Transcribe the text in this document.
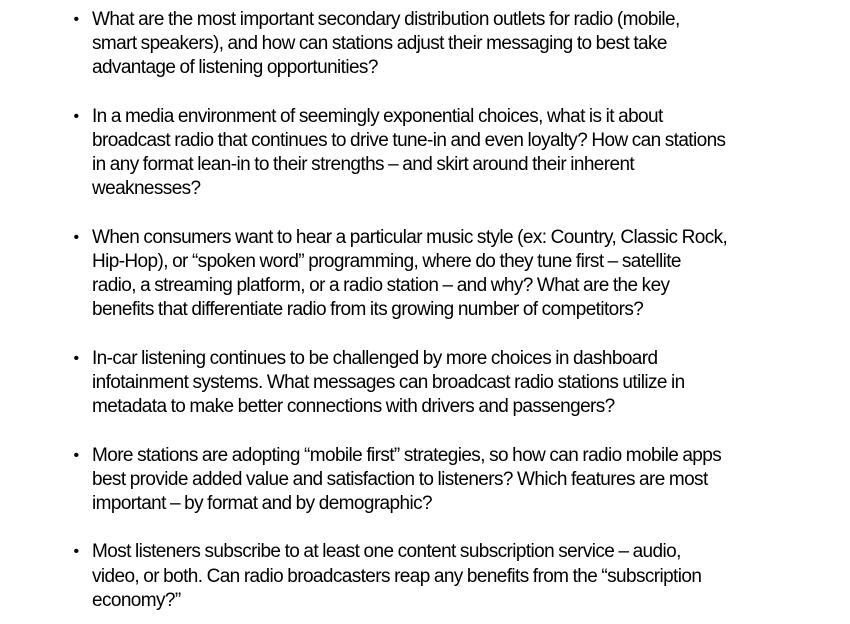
• What are the most important secondary distribution outlets for radio (mobile,
smart speakers), and how can stations adjust their messaging to best take
advantage of listening opportunities?
• In a media environment of seemingly exponential choices, what is it about
broadcast radio that continues to drive tune-in and even loyalty? How can stations
in any format lean-in to their strengths – and skirt around their inherent
weaknesses?
• When consumers want to hear a particular music style (ex: Country, Classic Rock,
Hip-Hop), or “spoken word” programming, where do they tune first – satellite
radio, a streaming platform, or a radio station – and why? What are the key
benefits that differentiate radio from its growing number of competitors?
• In-car listening continues to be challenged by more choices in dashboard
infotainment systems. What messages can broadcast radio stations utilize in
metadata to make better connections with drivers and passengers?
• More stations are adopting “mobile first” strategies, so how can radio mobile apps
best provide added value and satisfaction to listeners? Which features are most
important – by format and by demographic?
• Most listeners subscribe to at least one content subscription service – audio,
video, or both. Can radio broadcasters reap any benefits from the “subscription
economy?”
